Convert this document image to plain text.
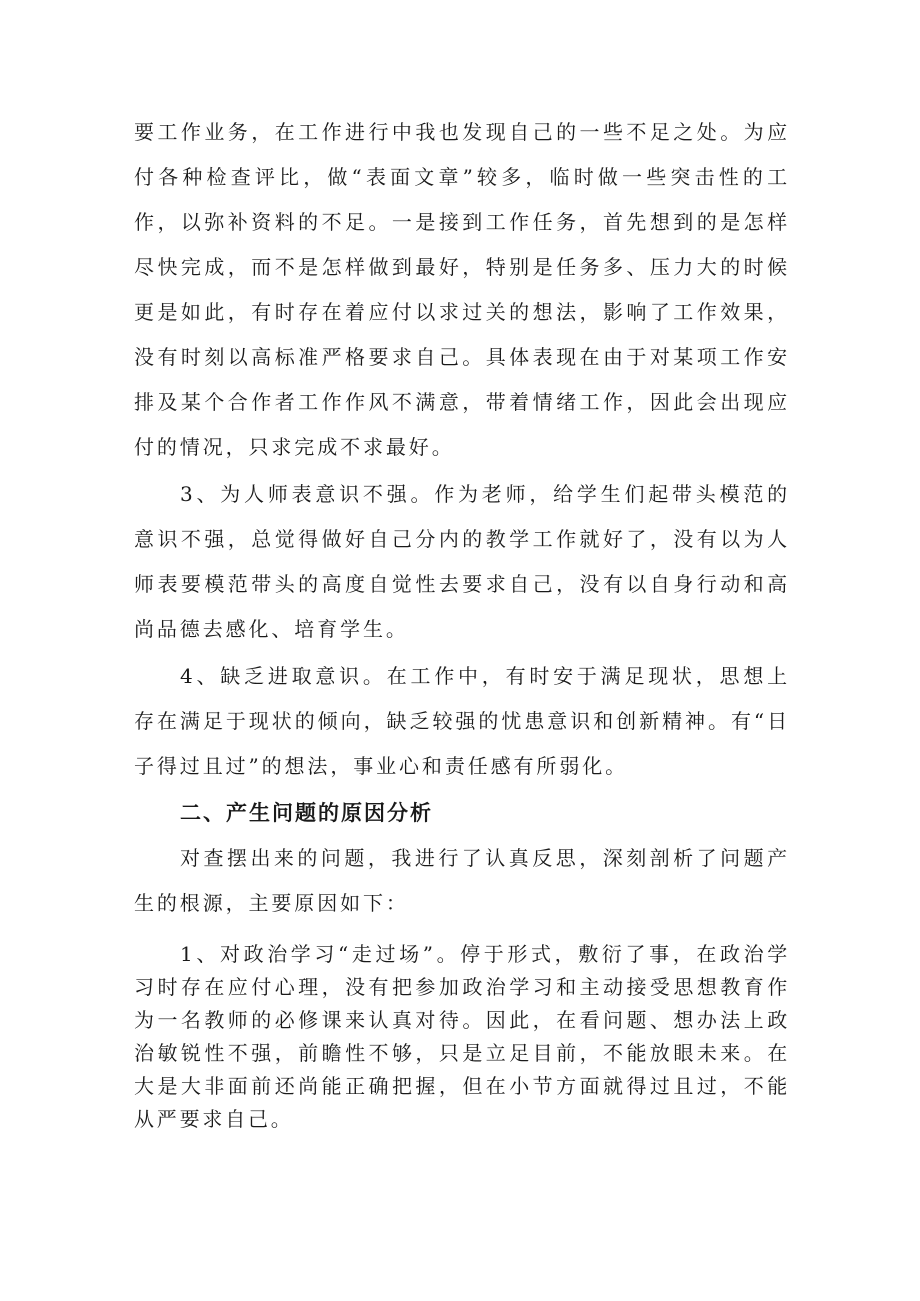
要工作业务，在工作进行中我也发现自己的一些不足之处。为应付各种检查评比，做“表面文章”较多，临时做一些突击性的工作，以弥补资料的不足。一是接到工作任务，首先想到的是怎样尽快完成，而不是怎样做到最好，特别是任务多、压力大的时候更是如此，有时存在着应付以求过关的想法，影响了工作效果，没有时刻以高标准严格要求自己。具体表现在由于对某项工作安排及某个合作者工作作风不满意，带着情绪工作，因此会出现应付的情况，只求完成不求最好。

3、为人师表意识不强。作为老师，给学生们起带头模范的意识不强，总觉得做好自己分内的教学工作就好了，没有以为人师表要模范带头的高度自觉性去要求自己，没有以自身行动和高尚品德去感化、培育学生。

4、缺乏进取意识。在工作中，有时安于满足现状，思想上存在满足于现状的倾向，缺乏较强的忧患意识和创新精神。有“日子得过且过”的想法，事业心和责任感有所弱化。

二、产生问题的原因分析

对查摆出来的问题，我进行了认真反思，深刻剖析了问题产生的根源，主要原因如下：

1、对政治学习“走过场”。停于形式，敷衍了事，在政治学习时存在应付心理，没有把参加政治学习和主动接受思想教育作为一名教师的必修课来认真对待。因此，在看问题、想办法上政治敏锐性不强，前瞻性不够，只是立足目前，不能放眼未来。在大是大非面前还尚能正确把握，但在小节方面就得过且过，不能从严要求自己。
